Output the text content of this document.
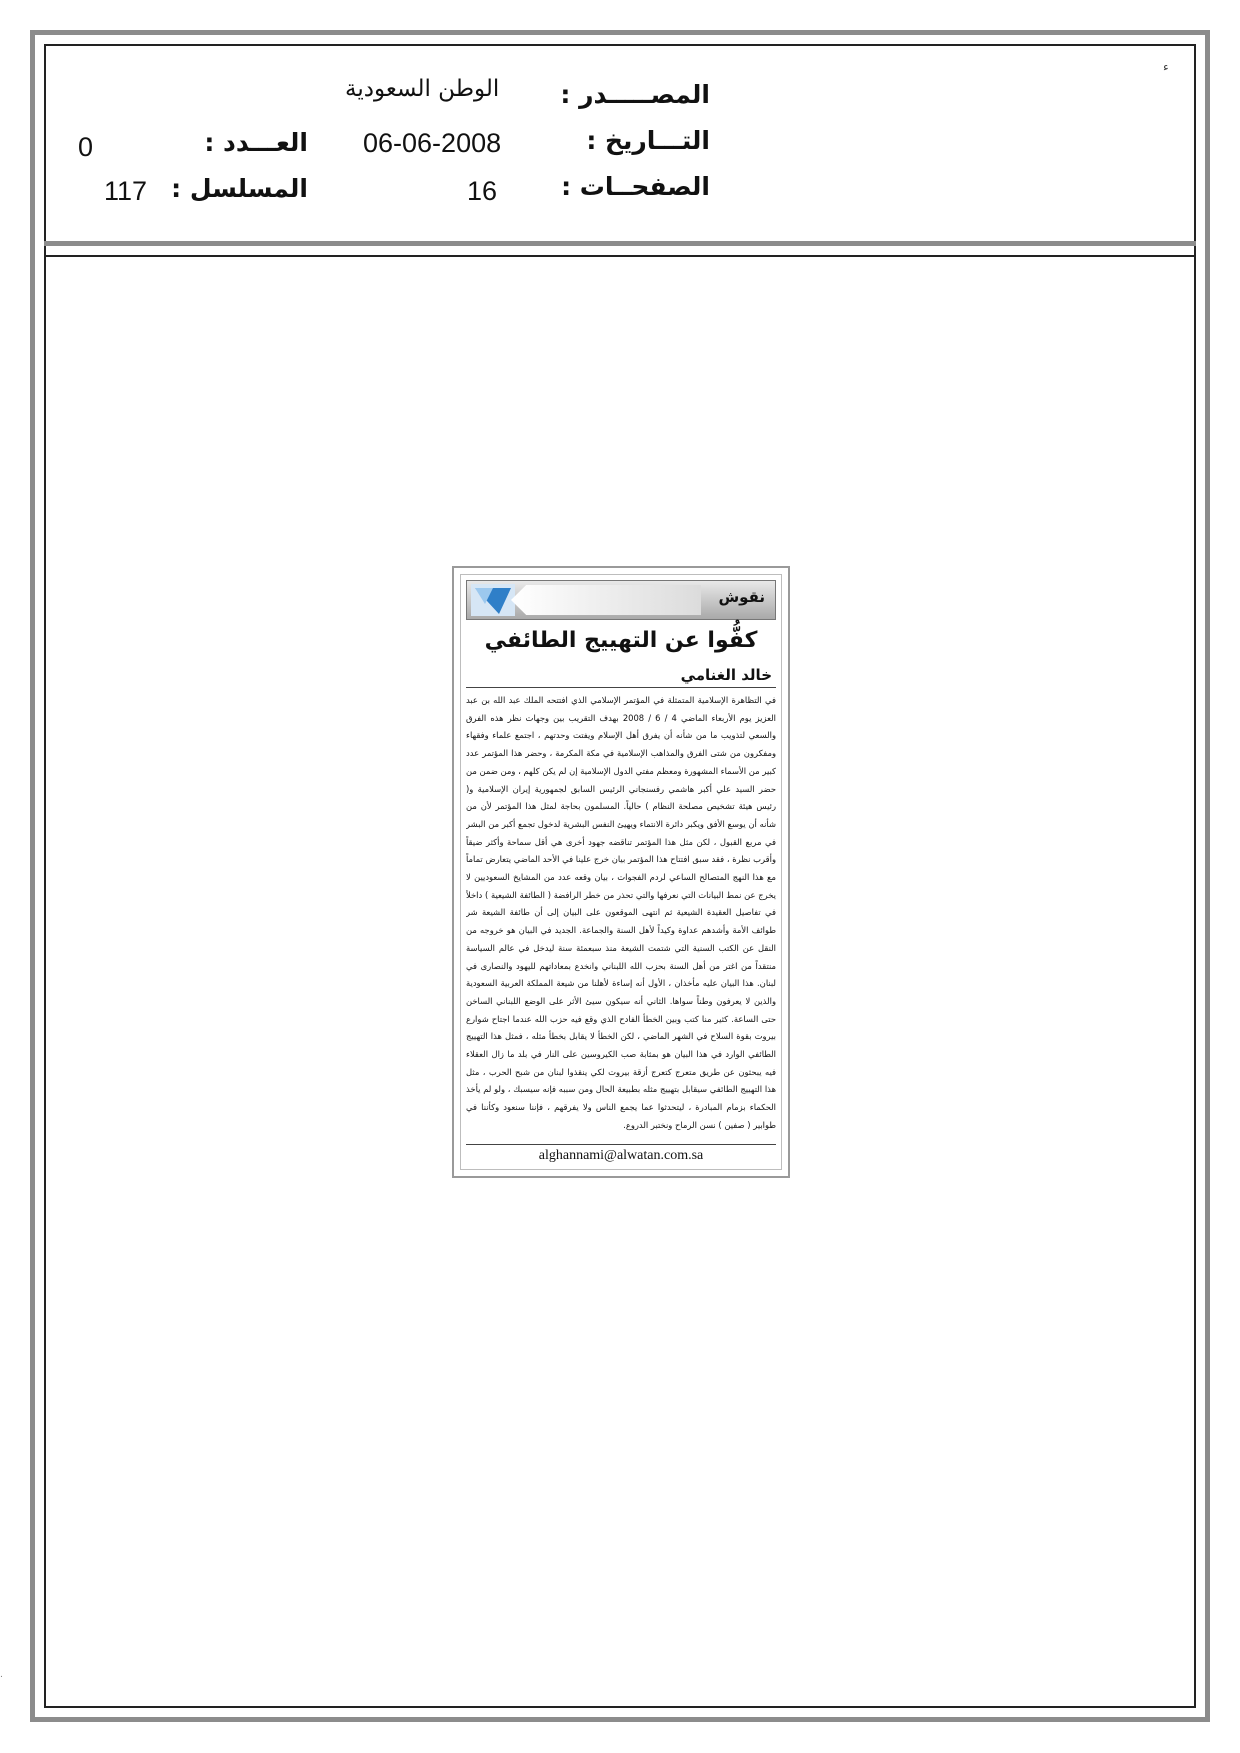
ء
.
المصـــــدر :
الوطن السعودية
التـــاريخ :
06-06-2008
الصفحــات :
16
العـــدد :
0
المسلسل :
117
نقوش
كفُّوا عن التهييج الطائفي
خالد الغنامي
في التظاهرة الإسلامية المتمثلة في المؤتمر الإسلامي الذي افتتحه الملك عبد الله بن عبد العزيز يوم الأربعاء الماضي 4 / 6 / 2008 بهدف التقريب بين وجهات نظر هذه الفرق والسعي لتذويب ما من شأنه أن يفرق أهل الإسلام ويفتت وحدتهم ، اجتمع علماء وفقهاء ومفكرون من شتى الفرق والمذاهب الإسلامية في مكة المكرمة ، وحضر هذا المؤتمر عدد كبير من الأسماء المشهورة ومعظم مفتي الدول الإسلامية إن لم يكن كلهم ، ومن ضمن من حضر السيد علي أكبر هاشمي رفسنجاني الرئيس السابق لجمهورية إيران الإسلامية و( رئيس هيئة تشخيص مصلحة النظام ) حالياً. المسلمون بحاجة لمثل هذا المؤتمر لأن من شأنه أن يوسع الأفق ويكبر دائرة الانتماء ويهيئ النفس البشرية لدخول تجمع أكبر من البشر في مربع القبول ، لكن مثل هذا المؤتمر تناقضه جهود أخرى هي أقل سماحة وأكثر ضيقاً وأقرب نظرة ، فقد سبق افتتاح هذا المؤتمر بيان خرج علينا في الأحد الماضي يتعارض تماماً مع هذا النهج المتصالح الساعي لردم الفجوات ، بيان وقعه عدد من المشايخ السعوديين لا يخرج عن نمط البيانات التي نعرفها والتي تحذر من خطر الرافضة ( الطائفة الشيعية ) داخلاً في تفاصيل العقيدة الشيعية ثم انتهى الموقعون على البيان إلى أن طائفة الشيعة شر طوائف الأمة وأشدهم عداوة وكيداً لأهل السنة والجماعة. الجديد في البيان هو خروجه من النقل عن الكتب السنية التي شتمت الشيعة منذ سبعمئة سنة ليدخل في عالم السياسة منتقداً من اغتر من أهل السنة بحزب الله اللبناني وانخدع بمعاداتهم لليهود والنصارى في لبنان. هذا البيان عليه مأخذان ، الأول أنه إساءة لأهلنا من شيعة المملكة العربية السعودية والذين لا يعرفون وطناً سواها. الثاني أنه سيكون سيئ الأثر على الوضع اللبناني الساخن حتى الساعة. كثير منا كتب وبين الخطأ الفادح الذي وقع فيه حزب الله عندما اجتاح شوارع بيروت بقوة السلاح في الشهر الماضي ، لكن الخطأ لا يقابل بخطأ مثله ، فمثل هذا التهييج الطائفي الوارد في هذا البيان هو بمثابة صب الكيروسين على النار في بلد ما زال العقلاء فيه يبحثون عن طريق متعرج كتعرج أزقة بيروت لكي ينقذوا لبنان من شبح الحرب ، مثل هذا التهييج الطائفي سيقابل بتهييج مثله بطبيعة الحال ومن سببه فإنه سيسبك ، ولو لم يأخذ الحكماء بزمام المبادرة ، ليتحدثوا عما يجمع الناس ولا يفرقهم ، فإننا سنعود وكأننا في طوابير ( صفين ) نسن الرماح ونختبر الدروع.
alghannami@alwatan.com.sa
